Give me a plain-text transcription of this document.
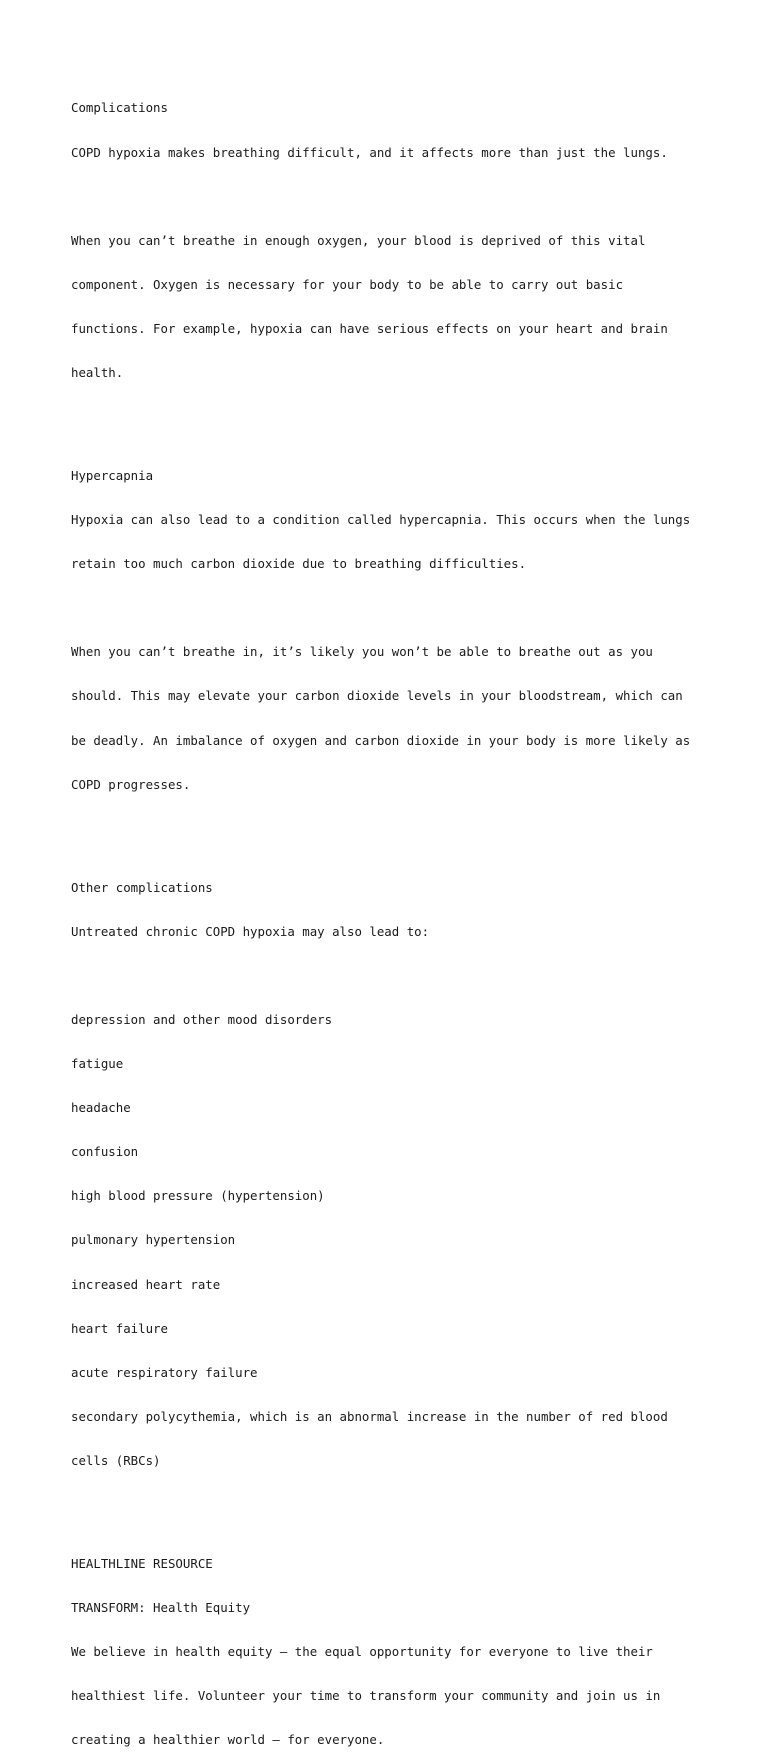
Complications

COPD hypoxia makes breathing difficult, and it affects more than just the lungs.

When you can’t breathe in enough oxygen, your blood is deprived of this vital

component. Oxygen is necessary for your body to be able to carry out basic

functions. For example, hypoxia can have serious effects on your heart and brain

health.

Hypercapnia

Hypoxia can also lead to a condition called hypercapnia. This occurs when the lungs

retain too much carbon dioxide due to breathing difficulties.

When you can’t breathe in, it’s likely you won’t be able to breathe out as you

should. This may elevate your carbon dioxide levels in your bloodstream, which can

be deadly. An imbalance of oxygen and carbon dioxide in your body is more likely as

COPD progresses.

Other complications

Untreated chronic COPD hypoxia may also lead to:

depression and other mood disorders

fatigue

headache

confusion

high blood pressure (hypertension)

pulmonary hypertension

increased heart rate

heart failure

acute respiratory failure

secondary polycythemia, which is an abnormal increase in the number of red blood

cells (RBCs)

HEALTHLINE RESOURCE

TRANSFORM: Health Equity

We believe in health equity — the equal opportunity for everyone to live their

healthiest life. Volunteer your time to transform your community and join us in

creating a healthier world — for everyone.
